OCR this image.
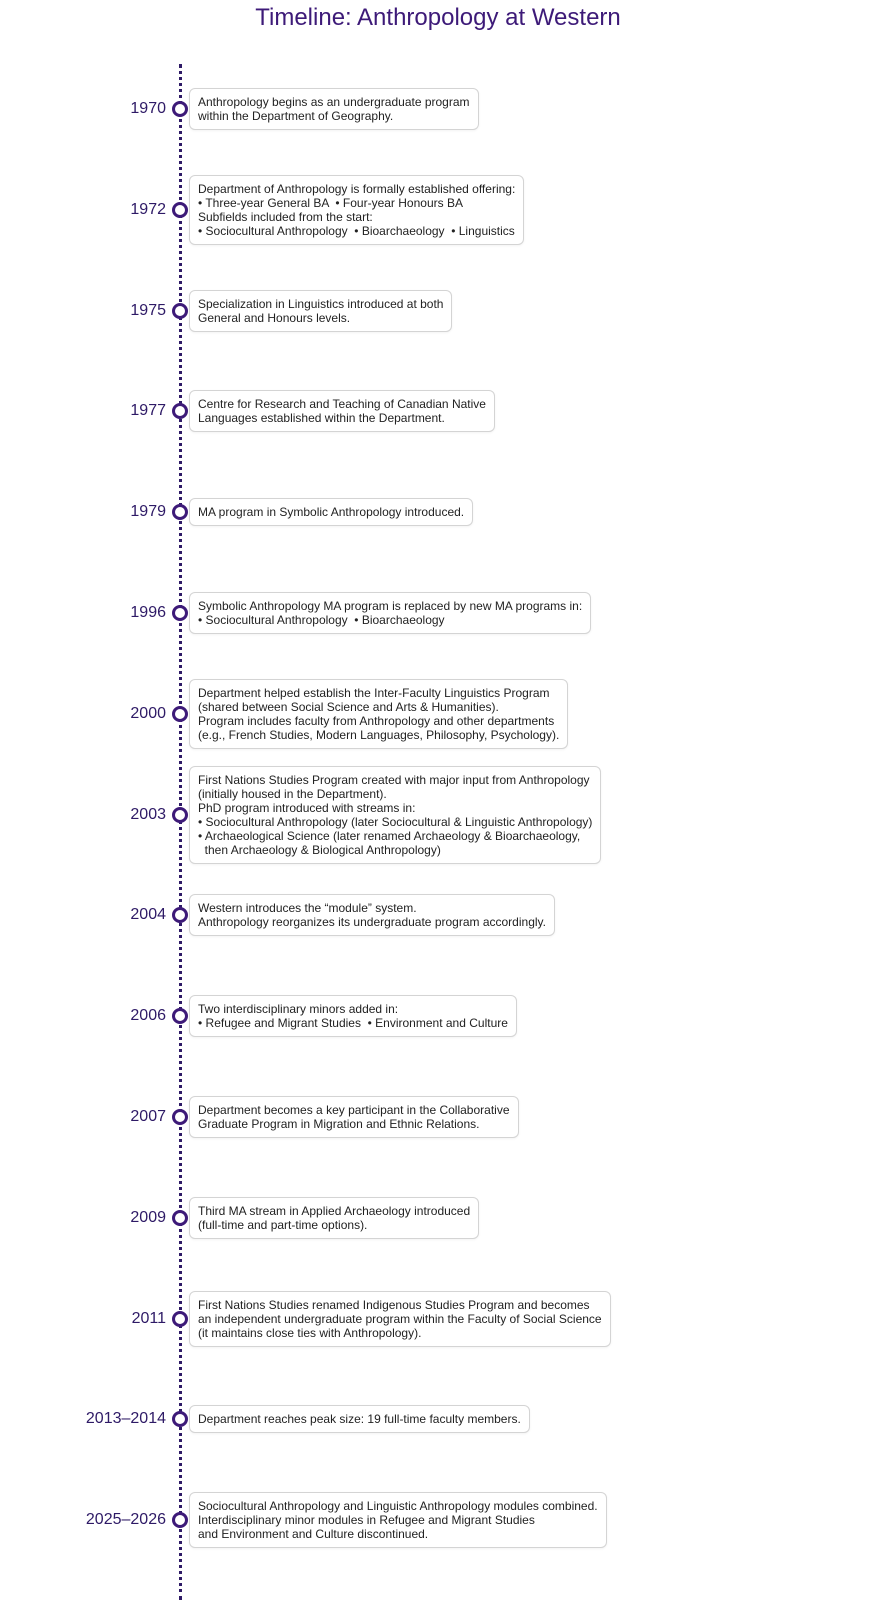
Timeline: Anthropology at Western
1970	Anthropology begins as an undergraduate program
within the Department of Geography.
1972
Department of Anthropology is formally established offering:
• Three-year General BA  • Four-year Honours BA
Subfields included from the start:
• Sociocultural Anthropology  • Bioarchaeology  • Linguistics
1975	Specialization in Linguistics introduced at both
General and Honours levels.
1977	Centre for Research and Teaching of Canadian Native
Languages established within the Department.
1979	MA program in Symbolic Anthropology introduced.
1996	Symbolic Anthropology MA program is replaced by new MA programs in:
• Sociocultural Anthropology  • Bioarchaeology
2000
Department helped establish the Inter-Faculty Linguistics Program
(shared between Social Science and Arts & Humanities).
Program includes faculty from Anthropology and other departments
(e.g., French Studies, Modern Languages, Philosophy, Psychology).
2003
First Nations Studies Program created with major input from Anthropology
(initially housed in the Department).
PhD program introduced with streams in:
• Sociocultural Anthropology (later Sociocultural & Linguistic Anthropology)
• Archaeological Science (later renamed Archaeology & Bioarchaeology,
then Archaeology & Biological Anthropology)
2004	Western introduces the “module” system.
Anthropology reorganizes its undergraduate program accordingly.
2006	Two interdisciplinary minors added in:
• Refugee and Migrant Studies  • Environment and Culture
2007	Department becomes a key participant in the Collaborative
Graduate Program in Migration and Ethnic Relations.
2009	Third MA stream in Applied Archaeology introduced
(full-time and part-time options).
2011
First Nations Studies renamed Indigenous Studies Program and becomes
an independent undergraduate program within the Faculty of Social Science
(it maintains close ties with Anthropology).
2013–2014	Department reaches peak size: 19 full-time faculty members.
2025–2026
Sociocultural Anthropology and Linguistic Anthropology modules combined.
Interdisciplinary minor modules in Refugee and Migrant Studies
and Environment and Culture discontinued.
